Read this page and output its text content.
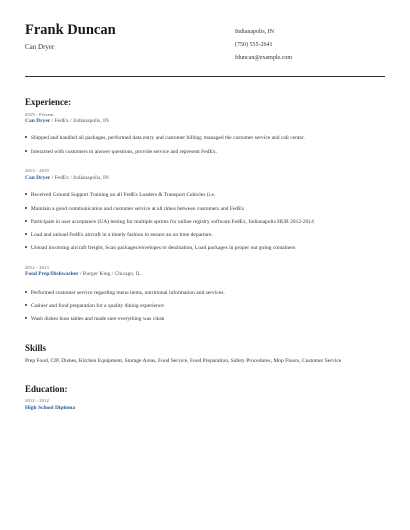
Frank Duncan
Can Dryer
Indianapolis, IN
(750) 555-2641
fduncan@example.com
Experience:
2019 - Present
Can Dryer / FedEx / Indianapolis, IN
Shipped and handled all packages, performed data entry and customer billing; managed the customer service and call center.
Interacted with customers to answer questions, provide service and represent FedEx.
2013 - 2019
Can Dryer / FedEx / Indianapolis, IN
Received Ground Support Training on all FedEx Loaders & Transport Cehicles (i.e.
Maintain a good communication and customer service at all times between customers and FedEx
Participate in user acceptance (UA) testing for multiple sprints for online registry software.FedEx, Indianapolis HUB 2012-2014
Load and unload FedEx aircraft in a timely fashion to ensure an on time departure.
Unload incoming aircraft freight, Scan packages/envelopes to destination, Load packages in proper out going containers
2012 - 2013
Food Prep/Dishwasher / Burger King / Chicago, IL
Performed customer service regarding menu items, nutritional information and services.
Cashier and food preparation for a quality dining experience
Wash dishes buss tables and made sure everything was clean
Skills
Prep Food, CIP, Dishes, Kitchen Equipment, Storage Areas, Food Service, Food Preparation, Safety Procedures, Mop Floors, Customer Service
Education:
2012 - 2012
High School Diploma
